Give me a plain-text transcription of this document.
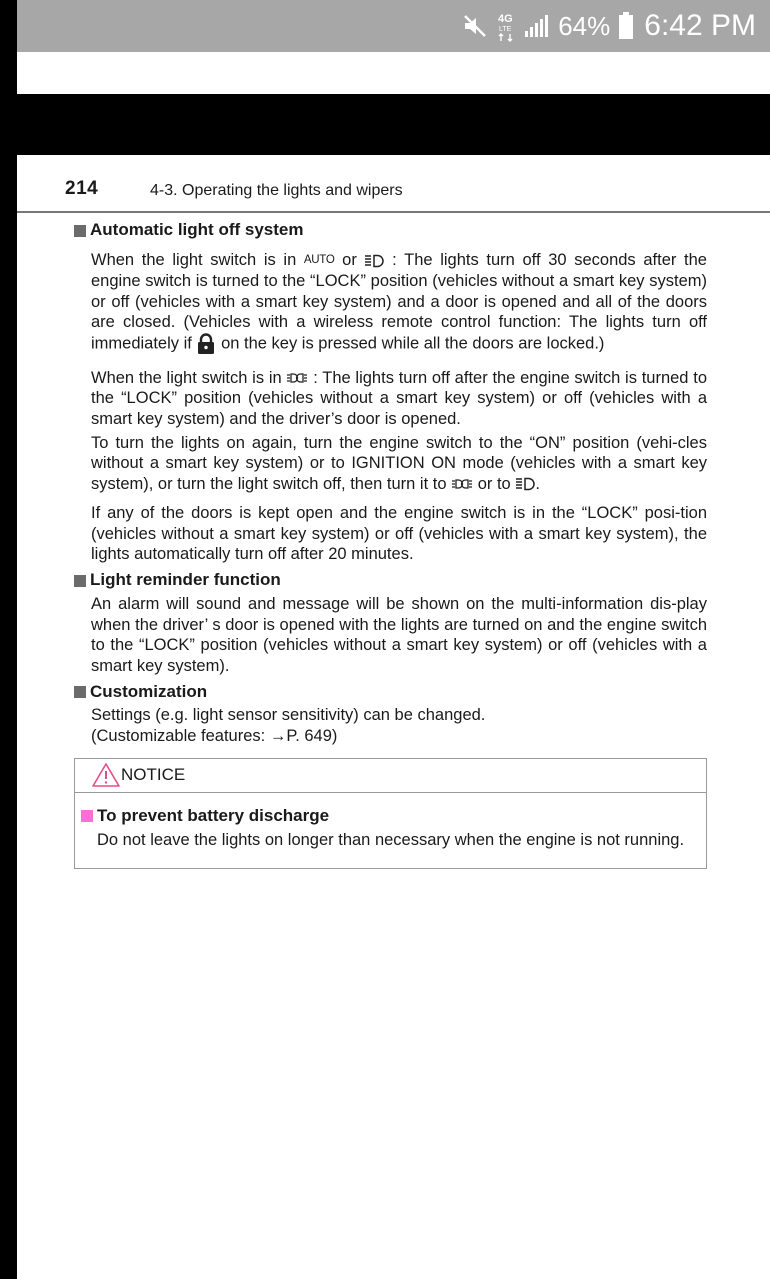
4G
LTE 64% 6:42 PM
214	4-3. Operating the lights and wipers
Automatic light off system
When the light switch is in AUTO or : The lights turn off 30 seconds after the engine switch is turned to the “LOCK” position (vehicles without a smart key system) or off (vehicles with a smart key system) and a door is opened and all of the doors are closed. (Vehicles with a wireless remote control function: The lights turn off immediately if on the key is pressed while all the doors are locked.)
When the light switch is in : The lights turn off after the engine switch is turned to the “LOCK” position (vehicles without a smart key system) or off (vehicles with a smart key system) and the driver’s door is opened.
To turn the lights on again, turn the engine switch to the “ON” position (vehi-cles without a smart key system) or to IGNITION ON mode (vehicles with a smart key system), or turn the light switch off, then turn it to or to .
If any of the doors is kept open and the engine switch is in the “LOCK” posi-tion (vehicles without a smart key system) or off (vehicles with a smart key system), the lights automatically turn off after 20 minutes.
Light reminder function
An alarm will sound and message will be shown on the multi-information dis-play when the driver’ s door is opened with the lights are turned on and the engine switch to the “LOCK” position (vehicles without a smart key system) or off (vehicles with a smart key system).
Customization
Settings (e.g. light sensor sensitivity) can be changed.
(Customizable features: →P. 649)
NOTICE
To prevent battery discharge
Do not leave the lights on longer than necessary when the engine is not running.
